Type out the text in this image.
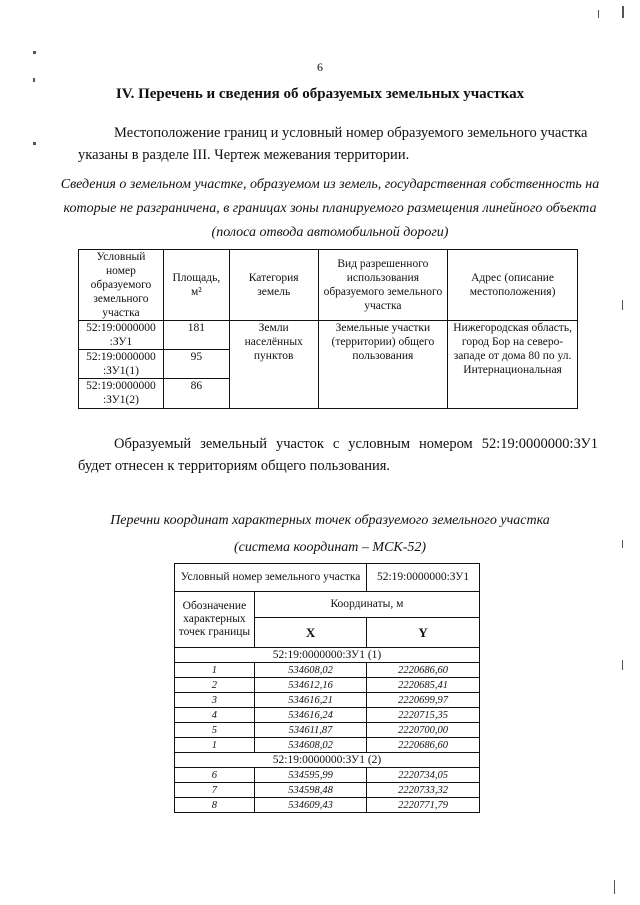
6
IV. Перечень и сведения об образуемых земельных участках
Местоположение границ и условный номер образуемого земельного участка указаны в разделе III. Чертеж межевания территории.
Сведения о земельном участке, образуемом из земель, государственная собственность на которые не разграничена, в границах зоны планируемого размещения линейного объекта (полоса отвода автомобильной дороги)
Условный номер образуемого земельного участка	Площадь, м²	Категория земель	Вид разрешенного использования образуемого земельного участка	Адрес (описание местоположения)
52:19:0000000 :ЗУ1	181	Земли населённых пунктов	Земельные участки (территории) общего пользования	Нижегородская область, город Бор на северо-западе от дома 80 по ул. Интернациональная
52:19:0000000 :ЗУ1(1)	95			
52:19:0000000 :ЗУ1(2)	86			
Образуемый земельный участок с условным номером 52:19:0000000:ЗУ1 будет отнесен к территориям общего пользования.
Перечни координат характерных точек образуемого земельного участка
(система координат – МСК-52)
Условный номер земельного участка		52:19:0000000:ЗУ1
Обозначение характерных точек границы	Координаты, м	
	X	Y
52:19:0000000:ЗУ1 (1)		
1	534608,02	2220686,60
2	534612,16	2220685,41
3	534616,21	2220699,97
4	534616,24	2220715,35
5	534611,87	2220700,00
1	534608,02	2220686,60
52:19:0000000:ЗУ1 (2)		
6	534595,99	2220734,05
7	534598,48	2220733,32
8	534609,43	2220771,79
